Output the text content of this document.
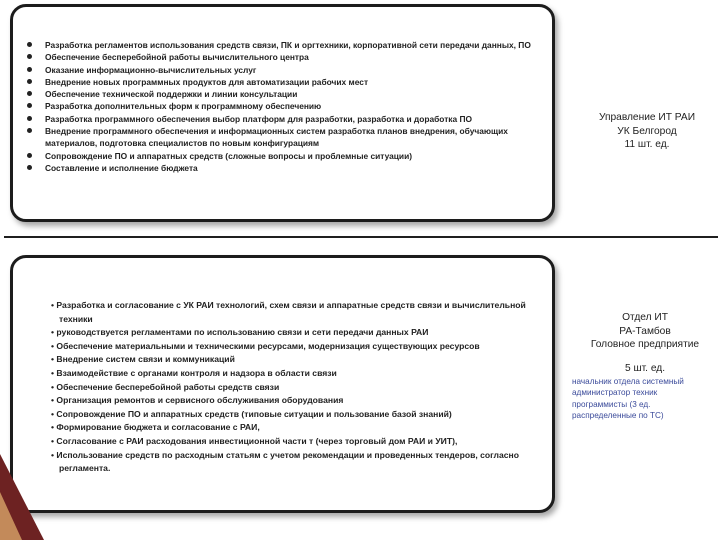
Разработка регламентов использования средств связи, ПК и оргтехники, корпоративной сети передачи данных, ПО
Обеспечение бесперебойной работы вычислительного центра
Оказание информационно-вычислительных услуг
Внедрение новых программных продуктов для автоматизации рабочих мест
Обеспечение технической поддержки и линии консультации
Разработка дополнительных форм к программному обеспечению
Разработка программного обеспечения выбор платформ для разработки, разработка и доработка ПО
Внедрение программного обеспечения и информационных систем разработка планов внедрения, обучающих материалов, подготовка специалистов по новым конфигурациям
Сопровождение ПО и аппаратных средств (сложные вопросы и проблемные ситуации)
Составление и исполнение бюджета
Управление ИТ РАИ
УК Белгород
11 шт. ед.
• Разработка и согласование с УК РАИ технологий, схем связи и аппаратные средств связи и вычислительной техники
• руководствуется регламентами по использованию связи и сети передачи данных РАИ
• Обеспечение материальными и техническими ресурсами, модернизация существующих ресурсов
• Внедрение систем связи и коммуникаций
• Взаимодействие с органами контроля и надзора в области связи
• Обеспечение бесперебойной работы средств связи
• Организация ремонтов и сервисного обслуживания оборудования
• Сопровождение ПО и аппаратных средств (типовые ситуации и пользование базой знаний)
• Формирование бюджета и согласование с РАИ,
• Согласование с РАИ расходования инвестиционной части т (через торговый дом РАИ и УИТ),
• Использование средств по расходным статьям с учетом рекомендации и проведенных тендеров, согласно регламента.
Отдел ИТ
РА-Тамбов
Головное предприятие
5 шт. ед.
начальник отдела системный администратор техник программисты (3 ед. распределенные по ТС)
